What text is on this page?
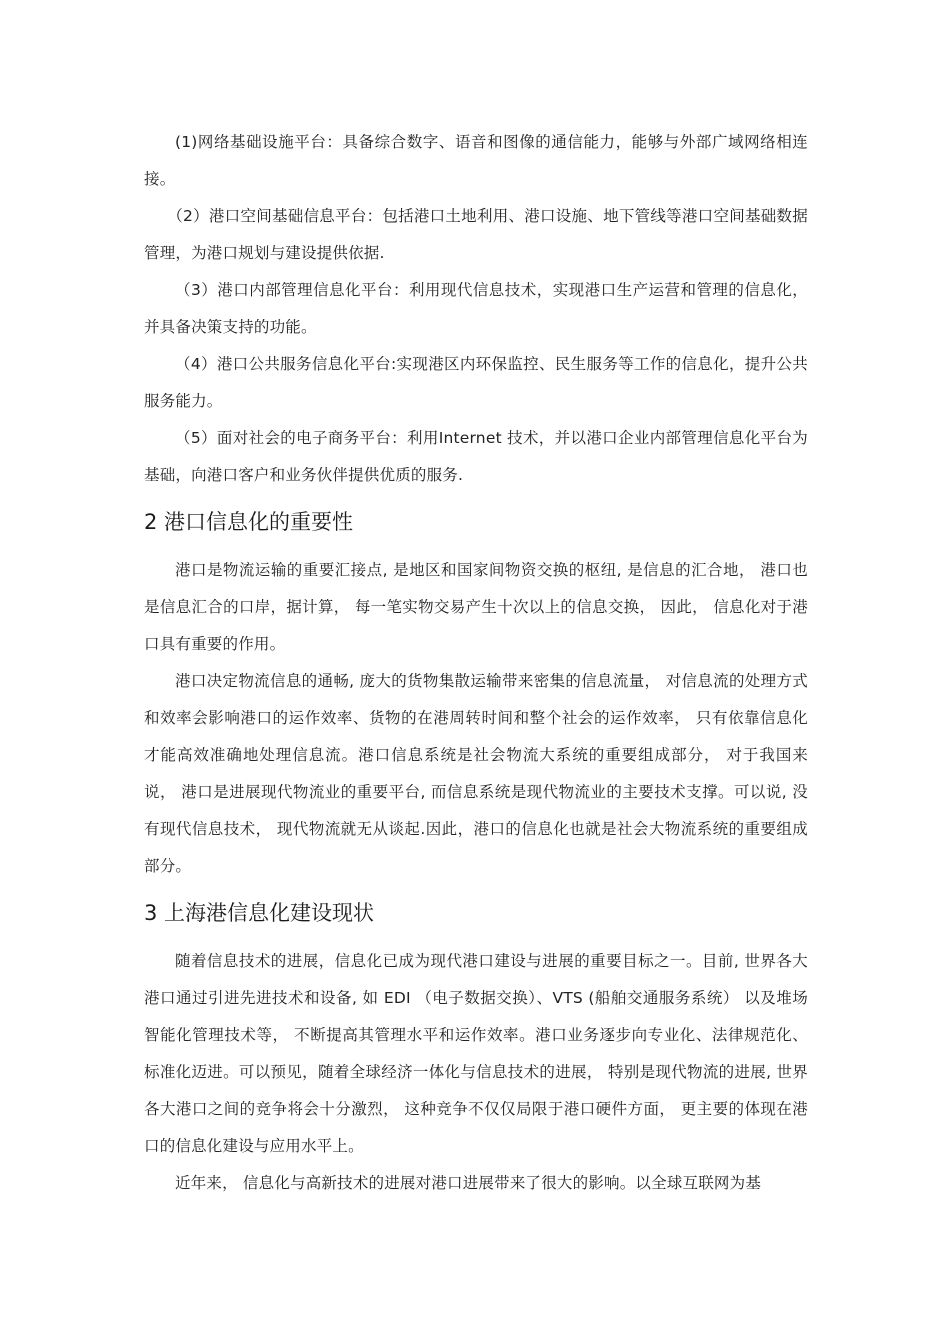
(1)网络基础设施平台：具备综合数字、语音和图像的通信能力，能够与外部广域网络相连接。

（2）港口空间基础信息平台：包括港口土地利用、港口设施、地下管线等港口空间基础数据管理，为港口规划与建设提供依据.

（3）港口内部管理信息化平台：利用现代信息技术，实现港口生产运营和管理的信息化，并具备决策支持的功能。

（4）港口公共服务信息化平台:实现港区内环保监控、民生服务等工作的信息化，提升公共服务能力。

（5）面对社会的电子商务平台：利用Internet 技术，并以港口企业内部管理信息化平台为基础，向港口客户和业务伙伴提供优质的服务.

2 港口信息化的重要性

港口是物流运输的重要汇接点, 是地区和国家间物资交换的枢纽, 是信息的汇合地， 港口也是信息汇合的口岸，据计算， 每一笔实物交易产生十次以上的信息交换， 因此， 信息化对于港口具有重要的作用。

港口决定物流信息的通畅, 庞大的货物集散运输带来密集的信息流量， 对信息流的处理方式和效率会影响港口的运作效率、货物的在港周转时间和整个社会的运作效率， 只有依靠信息化才能高效准确地处理信息流。港口信息系统是社会物流大系统的重要组成部分， 对于我国来说， 港口是进展现代物流业的重要平台, 而信息系统是现代物流业的主要技术支撑。可以说, 没有现代信息技术， 现代物流就无从谈起.因此，港口的信息化也就是社会大物流系统的重要组成部分。

3 上海港信息化建设现状

随着信息技术的进展，信息化已成为现代港口建设与进展的重要目标之一。目前, 世界各大港口通过引进先进技术和设备, 如 EDI （电子数据交换）、VTS (船舶交通服务系统） 以及堆场智能化管理技术等， 不断提高其管理水平和运作效率。港口业务逐步向专业化、法律规范化、标准化迈进。可以预见，随着全球经济一体化与信息技术的进展， 特别是现代物流的进展, 世界各大港口之间的竞争将会十分激烈， 这种竞争不仅仅局限于港口硬件方面， 更主要的体现在港口的信息化建设与应用水平上。

近年来， 信息化与高新技术的进展对港口进展带来了很大的影响。以全球互联网为基
